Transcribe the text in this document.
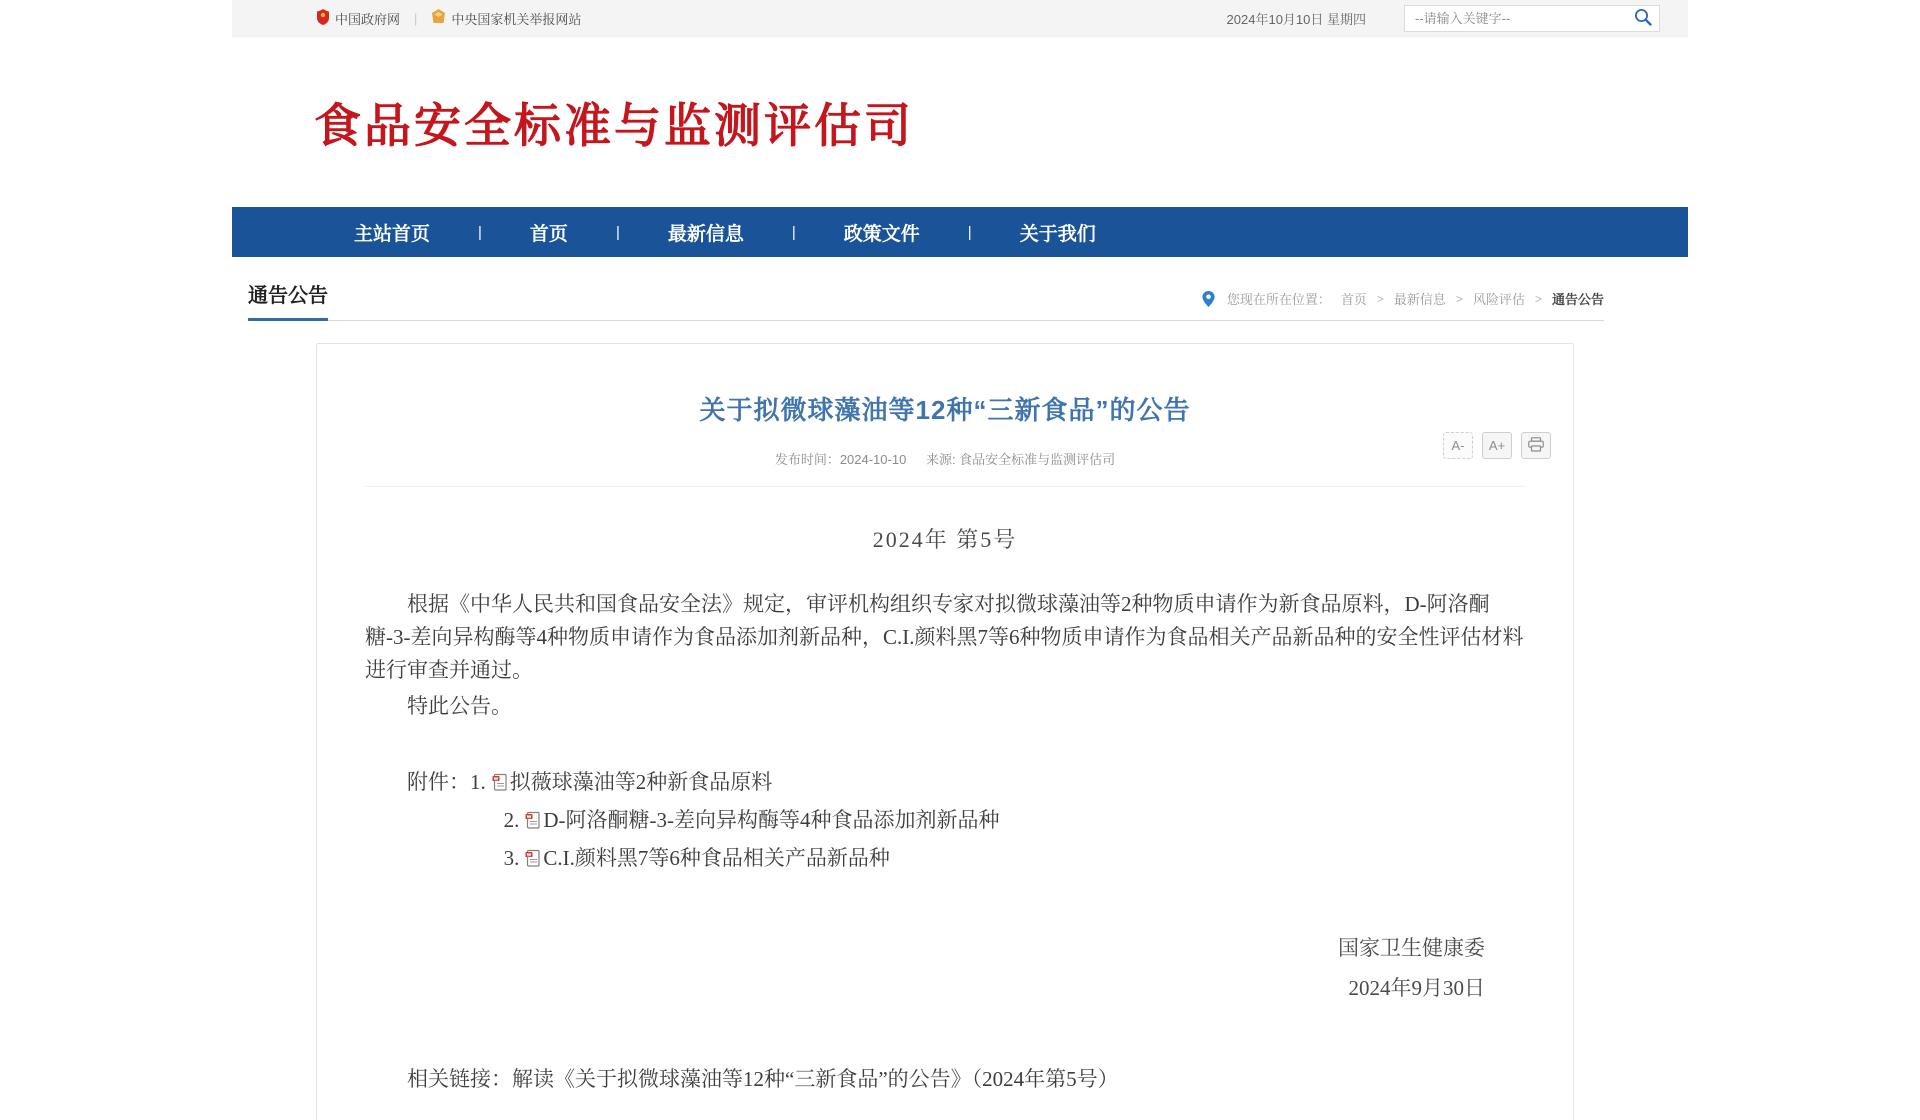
中国政府网 |	中央国家机关举报网站	2024年10月10日 星期四
--请输入关键字--
食品安全标准与监测评估司
主站首页	|	首页	|	最新信息	|	政策文件	|	关于我们
通告公告	您现在所在位置： 首页 > 最新信息 > 风险评估 > 通告公告
关于拟微球藻油等12种“三新食品”的公告
发布时间：2024-10-10 来源: 食品安全标准与监测评估司
A-	A+
2024年 第5号

根据《中华人民共和国食品安全法》规定，审评机构组织专家对拟微球藻油等2种物质申请作为新食品原料，D-阿洛酮糖-3-差向异构酶等4种物质申请作为食品添加剂新品种，C.I.颜料黑7等6种物质申请作为食品相关产品新品种的安全性评估材料进行审查并通过。

特此公告。

附件： 1. 拟薇球藻油等2种新食品原料
2. D-阿洛酮糖-3-差向异构酶等4种食品添加剂新品种
3. C.I.颜料黑7等6种食品相关产品新品种
国家卫生健康委
2024年9月30日
相关链接：解读《关于拟微球藻油等12种“三新食品”的公告》（2024年第5号）
